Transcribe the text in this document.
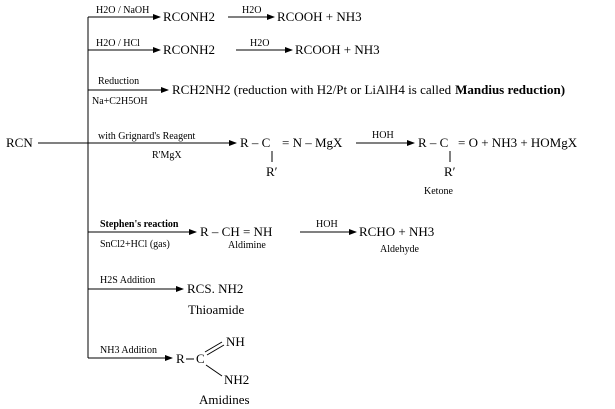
RCN
H2O / NaOH RCONH2	H2O RCOOH + NH3
H2O / HCl RCONH2	H2O RCOOH + NH3
Reduction
Na+C2H5OH
RCH2NH2 (reduction with H2/Pt or LiAlH4 is called Mandius reduction)
with Grignard's Reagent
R'MgX
R – C = N – MgX
R′
HOH R – C = O + NH3 + HOMgX
R′
Ketone
Stephen's reaction
SnCl2+HCl (gas)
R – CH = NH
Aldimine
HOH RCHO + NH3
Aldehyde
H2S Addition
RCS. NH2
Thioamide
NH3 Addition
R C
NH
NH2
Amidines
